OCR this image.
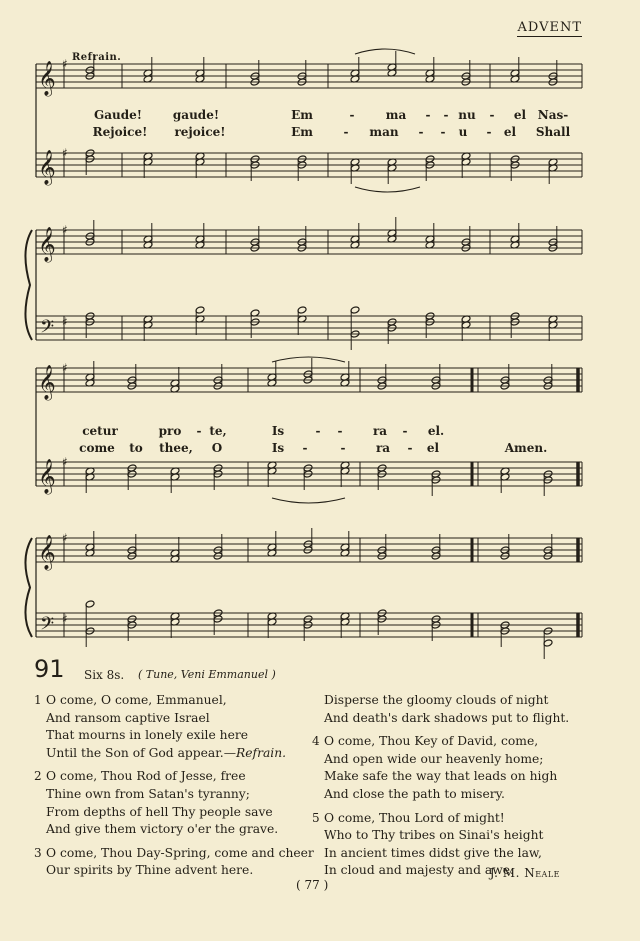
ADVENT
Refrain.
𝄞
𝄞
𝄞
𝄢
♯
♯
♯
♯
𝄞
𝄞
𝄞
𝄢
♯
♯
♯
♯
Gaude!	gaude!	Em	-	ma - - nu - el Nas-
Rejoice! rejoice!	Em	- man - - u - el Shall
cetur	pro - te,	Is	- -	ra - el.
come to thee, O	Is -	-	ra - el	Amen.
91 Six 8s. ( Tune, Veni Emmanuel )
1 O come, O come, Emmanuel,
And ransom captive Israel
That mourns in lonely exile here
Until the Son of God appear.—Refrain.
2 O come, Thou Rod of Jesse, free
Thine own from Satan's tyranny;
From depths of hell Thy people save
And give them victory o'er the grave.
3 O come, Thou Day-Spring, come and cheer
Our spirits by Thine advent here.
Disperse the gloomy clouds of night
And death's dark shadows put to flight.
4 O come, Thou Key of David, come,
And open wide our heavenly home;
Make safe the way that leads on high
And close the path to misery.
5 O come, Thou Lord of might!
Who to Thy tribes on Sinai's height
In ancient times didst give the law,
In cloud and majesty and awe.
J. M. Neale
( 77 )
